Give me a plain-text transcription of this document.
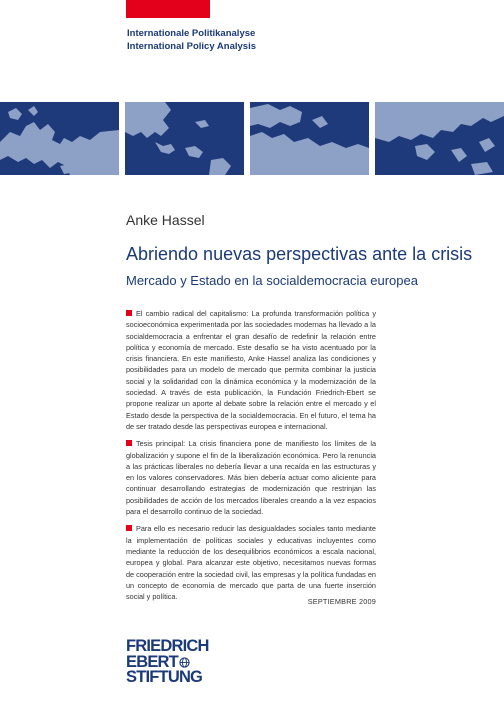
Internationale Politikanalyse
International Policy Analysis
Anke Hassel
Abriendo nuevas perspectivas ante la crisis
Mercado y Estado en la socialdemocracia europea

El cambio radical del capitalismo: La profunda transformación política y socioeconómica experimentada por las sociedades modernas ha llevado a la socialdemocracia a enfrentar el gran desafío de redefinir la relación entre política y economía de mercado. Este desafío se ha visto acentuado por la crisis financiera. En este manifiesto, Anke Hassel analiza las condiciones y posibilidades para un modelo de mercado que permita combinar la justicia social y la solidaridad con la dinámica económica y la modernización de la sociedad. A través de esta publicación, la Fundación Friedrich-Ebert se propone realizar un aporte al debate sobre la relación entre el mercado y el Estado desde la perspectiva de la socialdemocracia. En el futuro, el tema ha de ser tratado desde las perspectivas europea e internacional.

Tesis principal: La crisis financiera pone de manifiesto los límites de la globalización y supone el fin de la liberalización económica. Pero la renuncia a las prácticas liberales no debería llevar a una recaída en las estructuras y en los valores conservadores. Más bien debería actuar como aliciente para continuar desarrollando estrategias de modernización que restrinjan las posibilidades de acción de los mercados liberales creando a la vez espacios para el desarrollo continuo de la sociedad.

Para ello es necesario reducir las desigualdades sociales tanto mediante la implementación de políticas sociales y educativas incluyentes como mediante la reducción de los desequilibrios económicos a escala nacional, europea y global. Para alcanzar este objetivo, necesitamos nuevas formas de cooperación entre la sociedad civil, las empresas y la política fundadas en un concepto de economía de mercado que parta de una fuerte inserción social y política.

SEPTIEMBRE 2009
FRIEDRICH
EBERT
STIFTUNG
